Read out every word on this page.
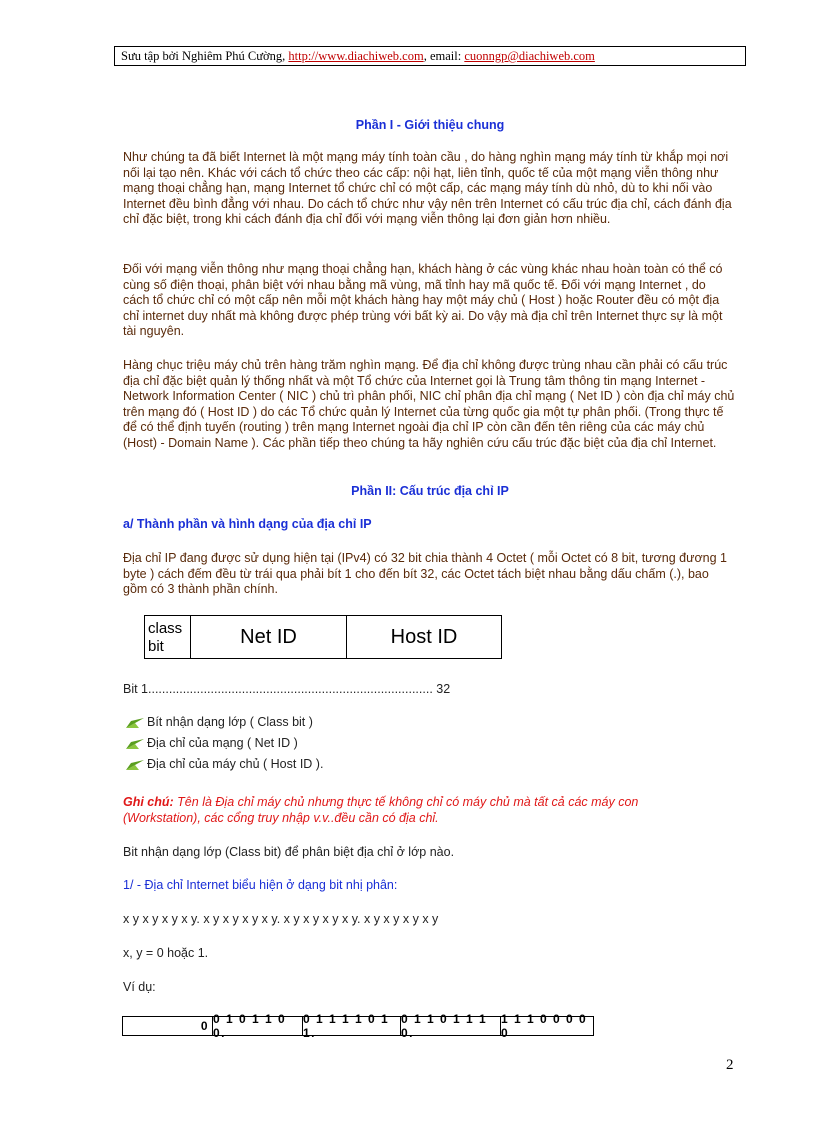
Sưu tập bởi Nghiêm Phú Cường, http://www.diachiweb.com, email: cuonngp@diachiweb.com
Phần I - Giới thiệu chung
Như chúng ta đã biết Internet là một mạng máy tính toàn cầu , do hàng nghìn mạng máy tính từ khắp mọi nơi nối lại tạo nên. Khác với cách tổ chức theo các cấp: nội hạt, liên tỉnh, quốc tế của một mạng viễn thông như mạng thoại chẳng hạn, mạng Internet tổ chức chỉ có một cấp, các mạng máy tính dù nhỏ, dù to khi nối vào Internet đều bình đẳng với nhau. Do cách tổ chức như vậy nên trên Internet có cấu trúc địa chỉ, cách đánh địa chỉ đặc biệt, trong khi cách đánh địa chỉ đối với mạng viễn thông lại đơn giản hơn nhiều.
Đối với mạng viễn thông như mạng thoại chẳng hạn, khách hàng ở các vùng khác nhau hoàn toàn có thể có cùng số điện thoại, phân biệt với nhau bằng mã vùng, mã tỉnh hay mã quốc tế. Đối với mạng Internet , do cách tổ chức chỉ có một cấp nên mỗi một khách hàng hay một máy chủ ( Host ) hoặc Router đều có một địa chỉ internet duy nhất mà không được phép trùng với bất kỳ ai. Do vậy mà địa chỉ trên Internet thực sự là một tài nguyên.
Hàng chục triệu máy chủ trên hàng trăm nghìn mạng. Để địa chỉ không được trùng nhau cần phải có cấu trúc địa chỉ đặc biệt quản lý thống nhất và một Tổ chức của Internet gọi là Trung tâm thông tin mạng Internet - Network Information Center ( NIC ) chủ trì phân phối, NIC chỉ phân địa chỉ mạng ( Net ID ) còn địa chỉ máy chủ trên mạng đó ( Host ID ) do các Tổ chức quản lý Internet của từng quốc gia một tự phân phối. (Trong thực tế để có thể định tuyến (routing ) trên mạng Internet ngoài địa chỉ IP còn cần đến tên riêng của các máy chủ (Host) - Domain Name ). Các phần tiếp theo chúng ta hãy nghiên cứu cấu trúc đặc biệt của địa chỉ Internet.
Phần II: Cấu trúc địa chỉ IP
a/ Thành phần và hình dạng của địa chỉ IP
Địa chỉ IP đang được sử dụng hiện tại (IPv4) có 32 bit chia thành 4 Octet ( mỗi Octet có 8 bit, tương đương 1 byte ) cách đếm đều từ trái qua phải bít 1 cho đến bít 32, các Octet tách biệt nhau bằng dấu chấm (.), bao gồm có 3 thành phần chính.
class bit	Net ID	Host ID
Bit 1.................................................................................. 32
Bít nhận dạng lớp ( Class bit )
Địa chỉ của mạng ( Net ID )
Địa chỉ của máy chủ ( Host ID ).
Ghi chú: Tên là Địa chỉ máy chủ nhưng thực tế không chỉ có máy chủ mà tất cả các máy con (Workstation), các cổng truy nhập v.v..đều cần có địa chỉ.
Bit nhận dạng lớp (Class bit) để phân biệt địa chỉ ở lớp nào.
1/ - Địa chỉ Internet biểu hiện ở dạng bit nhị phân:
x y x y x y x y. x y x y x y x y. x y x y x y x y. x y x y x y x y
x, y = 0 hoặc 1.
Ví dụ:
0 0 1 0 1 1 0 0.
0 1 1 1 1 0 1 1.
0 1 1 0 1 1 1 0.
1 1 1 0 0 0 0 0
2
